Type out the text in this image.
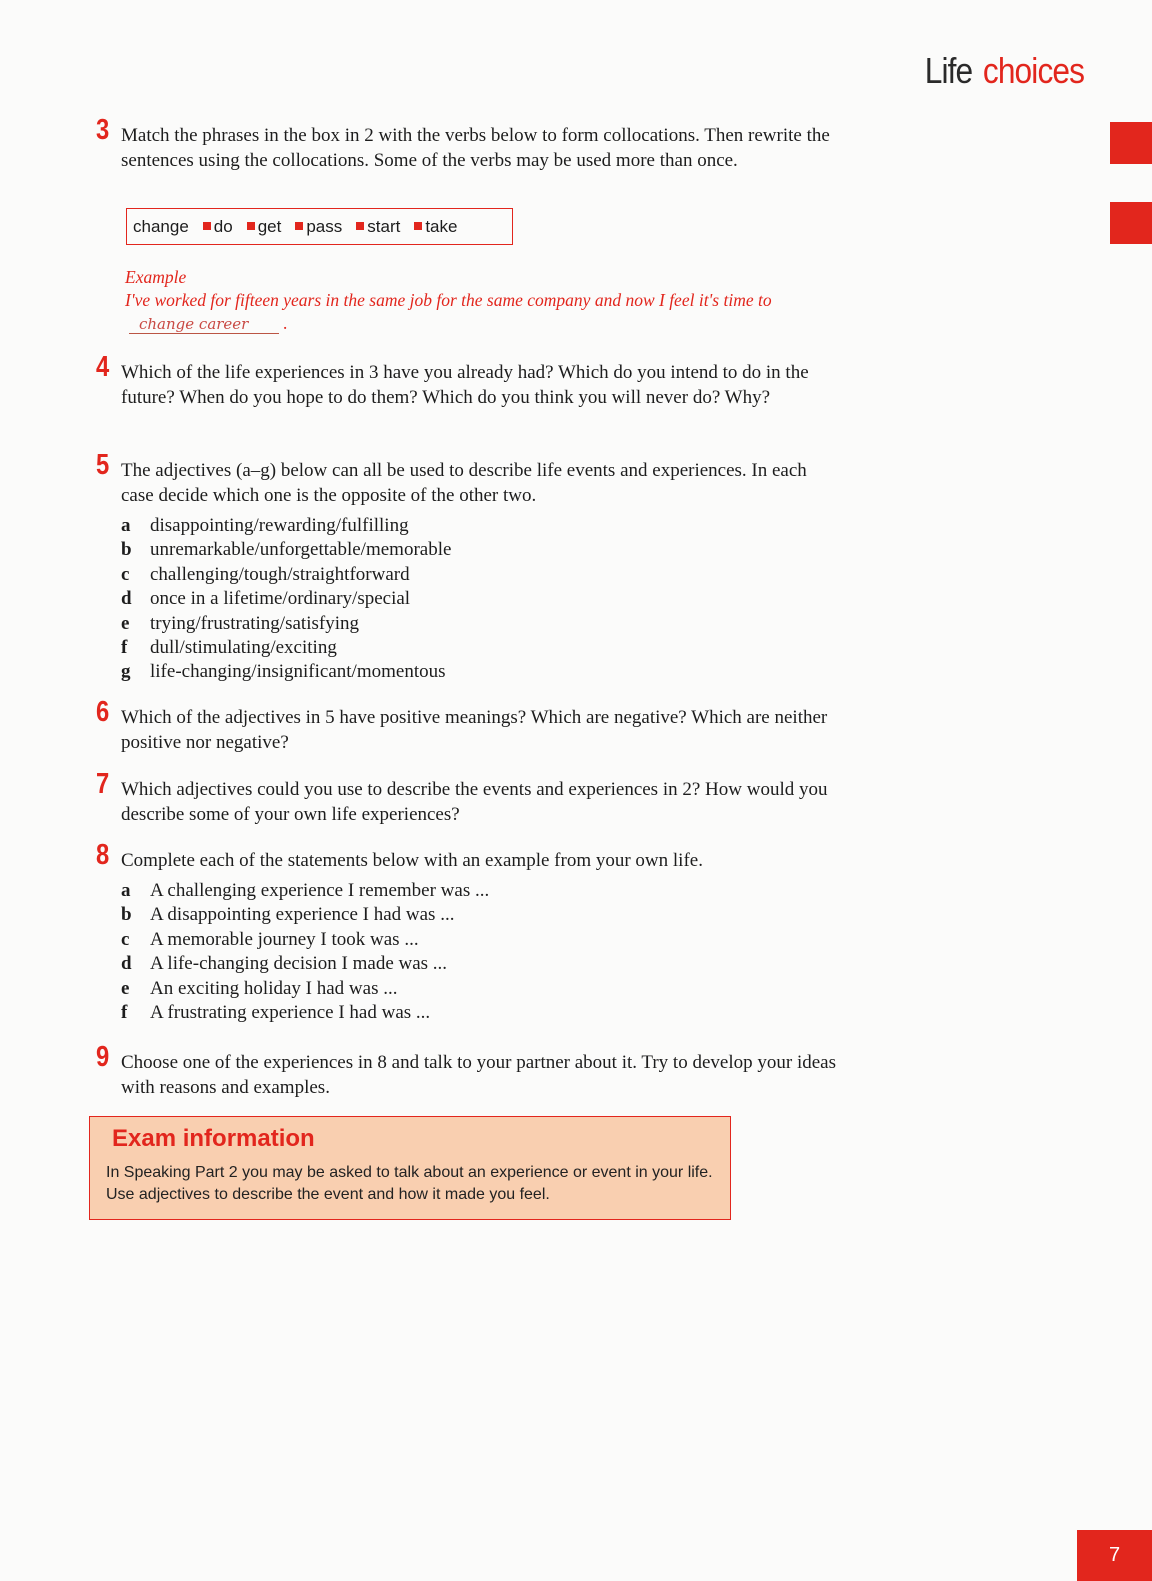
Life choices
3 Match the phrases in the box in 2 with the verbs below to form collocations. Then rewrite the sentences using the collocations. Some of the verbs may be used more than once.
change do get pass start take
Example
I've worked for fifteen years in the same job for the same company and now I feel it's time tochange career .
4 Which of the life experiences in 3 have you already had? Which do you intend to do in the future? When do you hope to do them? Which do you think you will never do? Why?
5 The adjectives (a–g) below can all be used to describe life events and experiences. In each case decide which one is the opposite of the other two.
a	disappointing/rewarding/fulfilling
b unremarkable/unforgettable/memorable
c	challenging/tough/straightforward
d once in a lifetime/ordinary/special
e	trying/frustrating/satisfying
f	dull/stimulating/exciting
g	life-changing/insignificant/momentous
6 Which of the adjectives in 5 have positive meanings? Which are negative? Which are neither positive nor negative?
7 Which adjectives could you use to describe the events and experiences in 2? How would you describe some of your own life experiences?
8 Complete each of the statements below with an example from your own life.
a	A challenging experience I remember was ...
b A disappointing experience I had was ...
c	A memorable journey I took was ...
d A life-changing decision I made was ...
e	An exciting holiday I had was ...
f	A frustrating experience I had was ...
9 Choose one of the experiences in 8 and talk to your partner about it. Try to develop your ideas with reasons and examples.
Exam information
In Speaking Part 2 you may be asked to talk about an experience or event in your life. Use adjectives to describe the event and how it made you feel.
7
